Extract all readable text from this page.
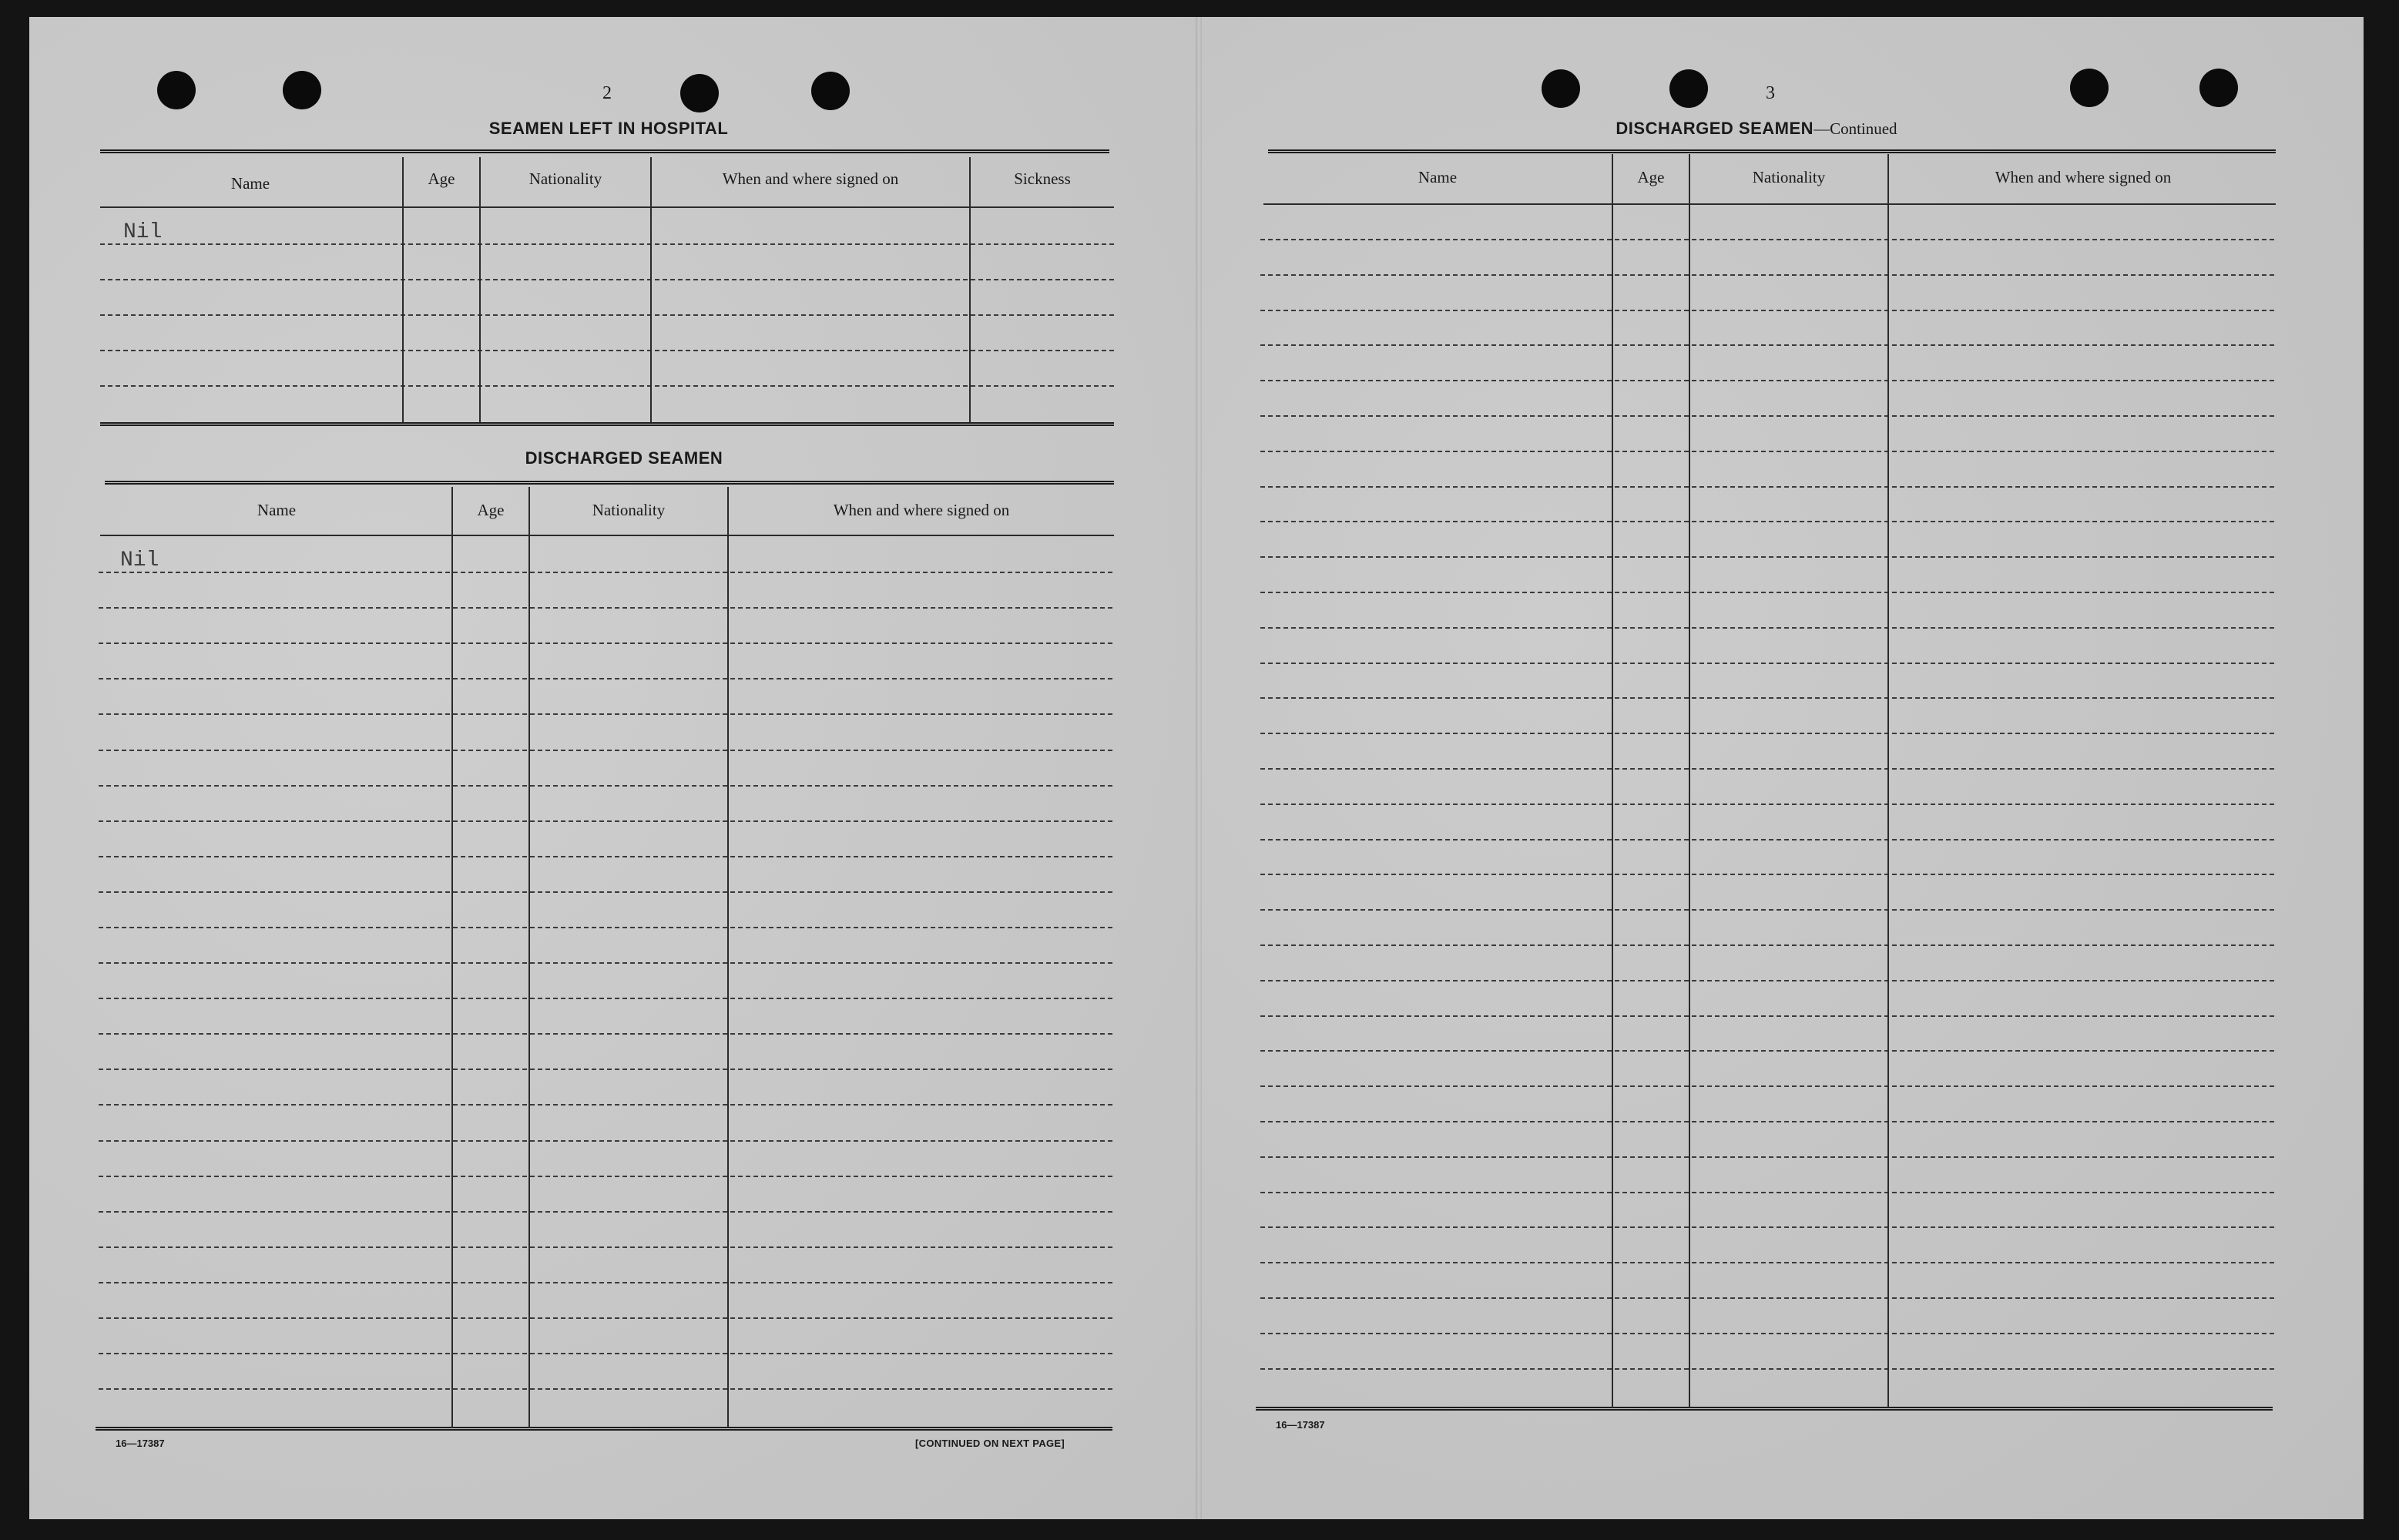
2
SEAMEN LEFT IN HOSPITAL
Name	Age	Nationality	When and where signed on	Sickness
Nil
DISCHARGED SEAMEN
Name	Age	Nationality	When and where signed on
Nil
16—17387	[CONTINUED ON NEXT PAGE]
3
DISCHARGED SEAMEN—Continued
Name	Age	Nationality	When and where signed on
16—17387
